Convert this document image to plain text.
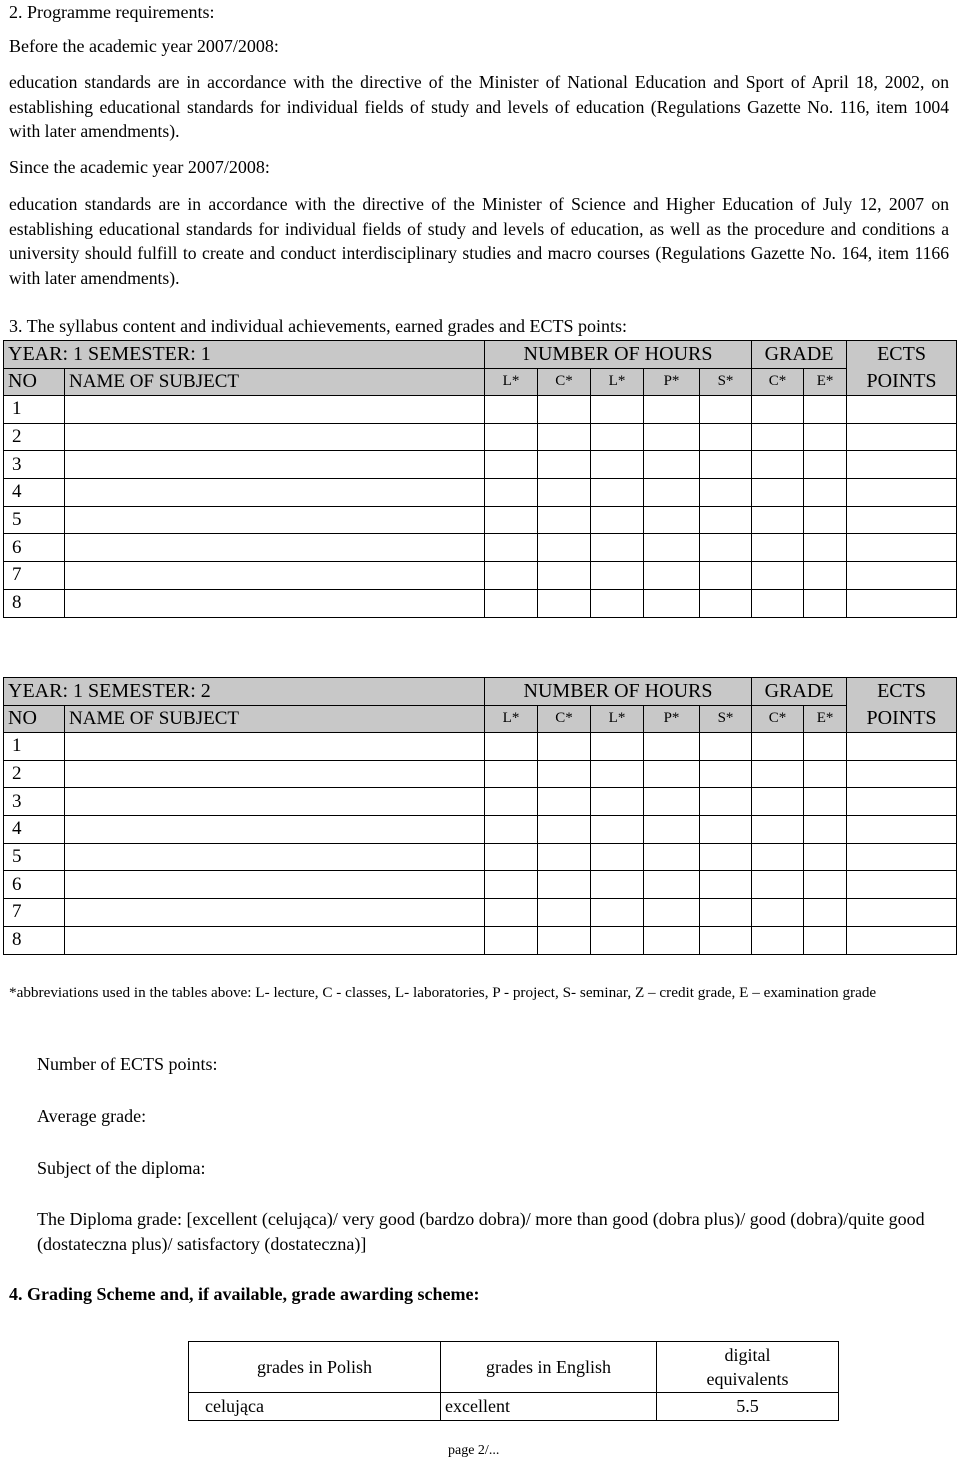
2. Programme requirements:
Before the academic year 2007/2008:
education standards are in accordance with the directive of the Minister of National Education and Sport of April 18, 2002, on establishing educational standards for individual fields of study and levels of education (Regulations Gazette No. 116, item 1004 with later amendments).
Since the academic year 2007/2008:
education standards are in accordance with the directive of the Minister of Science and Higher Education of July 12, 2007 on establishing educational standards for individual fields of study and levels of education, as well as the procedure and conditions a university should fulfill to create and conduct interdisciplinary studies and macro courses (Regulations Gazette No. 164, item 1166 with later amendments).
3. The syllabus content and individual achievements, earned grades and ECTS points:
YEAR: 1 SEMESTER: 1		NUMBER OF HOURS					GRADE		ECTS
POINTS

NO	NAME OF SUBJECT	L*	C*	L*	P*	S*	C*	E*	
1									
2									
3									
4									
5									
6									
7									
8									
YEAR: 1 SEMESTER: 2		NUMBER OF HOURS					GRADE		ECTS
POINTS

NO	NAME OF SUBJECT	L*	C*	L*	P*	S*	C*	E*	
1									
2									
3									
4									
5									
6									
7									
8									
*abbreviations used in the tables above: L- lecture, C - classes, L- laboratories, P - project, S- seminar, Z – credit grade, E – examination grade
Number of ECTS points:
Average grade:
Subject of the diploma:
The Diploma grade: [excellent (celująca)/ very good (bardzo dobra)/ more than good (dobra plus)/ good (dobra)/quite good (dostateczna plus)/ satisfactory (dostateczna)]
4. Grading Scheme and, if available, grade awarding scheme:
grades in Polish	grades in English	digital equivalents
celująca	excellent	5.5
page 2/...
